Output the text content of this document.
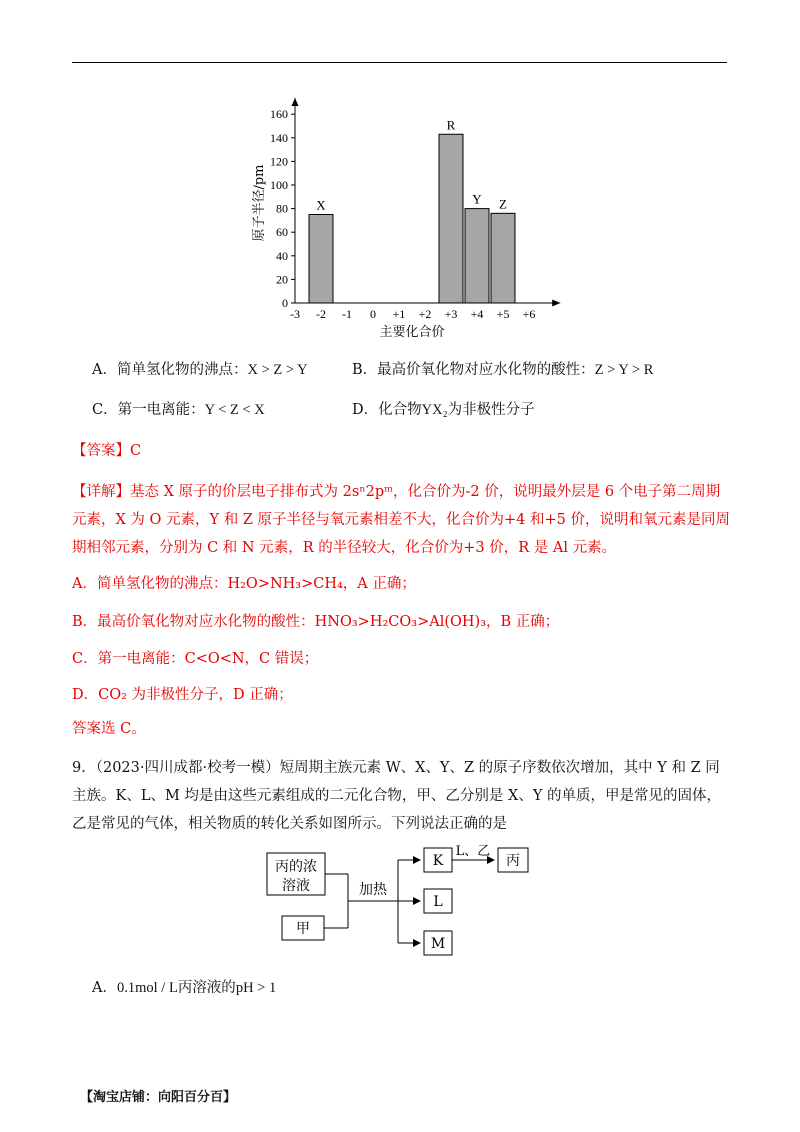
0
20
40
60
80
100
120
140
160
-3 -2 -1 0 +1 +2 +3 +4 +5 +6
X
R
Y Z
主要化合价
原子半径/pm
A．简单氢化物的沸点：X > Z > Y	B．最高价氧化物对应水化物的酸性：Z > Y > R
C．第一电离能：Y < Z < X	D．化合物YX₂为非极性分子
【答案】C
【详解】基态 X 原子的价层电子排布式为 2sⁿ2pᵐ，化合价为-2 价，说明最外层是 6 个电子第二周期元素，X 为 O 元素，Y 和 Z 原子半径与氧元素相差不大，化合价为+4 和+5 价，说明和氧元素是同周期相邻元素，分别为 C 和 N 元素，R 的半径较大，化合价为+3 价，R 是 Al 元素。
A．简单氢化物的沸点：H₂O>NH₃>CH₄，A 正确；
B．最高价氧化物对应水化物的酸性：HNO₃>H₂CO₃>Al(OH)₃，B 正确；
C．第一电离能：C<O<N，C 错误；
D．CO₂ 为非极性分子，D 正确；
答案选 C。
9．（2023·四川成都·校考一模）短周期主族元素 W、X、Y、Z 的原子序数依次增加，其中 Y 和 Z 同主族。K、L、M 均是由这些元素组成的二元化合物，甲、乙分别是 X、Y 的单质，甲是常见的固体，乙是常见的气体，相关物质的转化关系如图所示。下列说法正确的是
丙的浓
溶液
甲
加热
K
L
M
L、乙
丙
A．0.1mol / L丙溶液的pH > 1
【淘宝店铺：向阳百分百】
